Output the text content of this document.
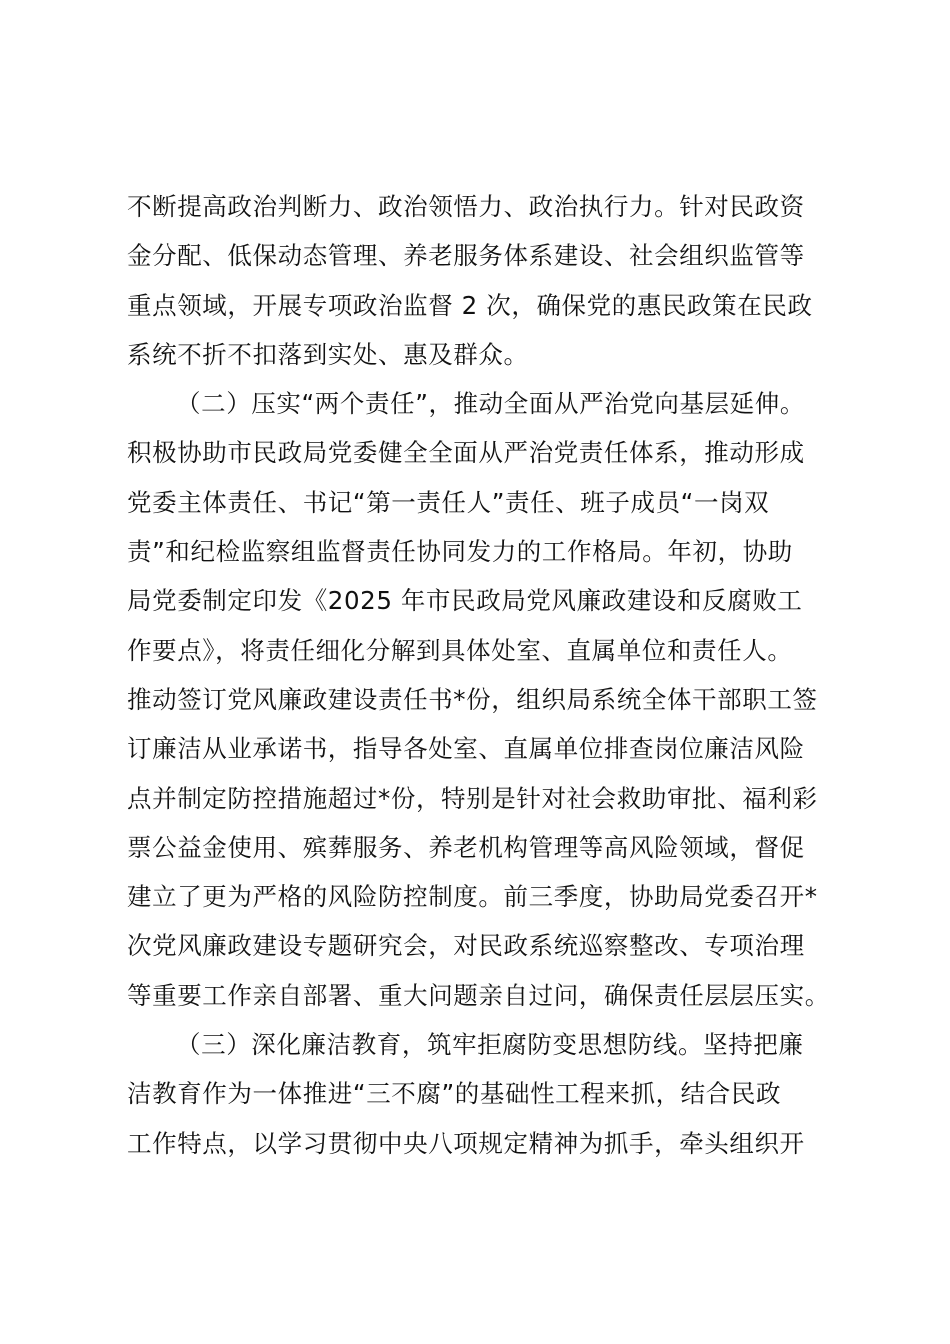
不断提高政治判断力、政治领悟力、政治执行力。针对民政资
金分配、低保动态管理、养老服务体系建设、社会组织监管等
重点领域，开展专项政治监督 2 次，确保党的惠民政策在民政
系统不折不扣落到实处、惠及群众。
（二）压实“两个责任”，推动全面从严治党向基层延伸。
积极协助市民政局党委健全全面从严治党责任体系，推动形成
党委主体责任、书记“第一责任人”责任、班子成员“一岗双
责”和纪检监察组监督责任协同发力的工作格局。年初，协助
局党委制定印发《2025 年市民政局党风廉政建设和反腐败工
作要点》，将责任细化分解到具体处室、直属单位和责任人。
推动签订党风廉政建设责任书*份，组织局系统全体干部职工签
订廉洁从业承诺书，指导各处室、直属单位排查岗位廉洁风险
点并制定防控措施超过*份，特别是针对社会救助审批、福利彩
票公益金使用、殡葬服务、养老机构管理等高风险领域，督促
建立了更为严格的风险防控制度。前三季度，协助局党委召开*
次党风廉政建设专题研究会，对民政系统巡察整改、专项治理
等重要工作亲自部署、重大问题亲自过问，确保责任层层压实。
（三）深化廉洁教育，筑牢拒腐防变思想防线。坚持把廉
洁教育作为一体推进“三不腐”的基础性工程来抓，结合民政
工作特点，以学习贯彻中央八项规定精神为抓手，牵头组织开
